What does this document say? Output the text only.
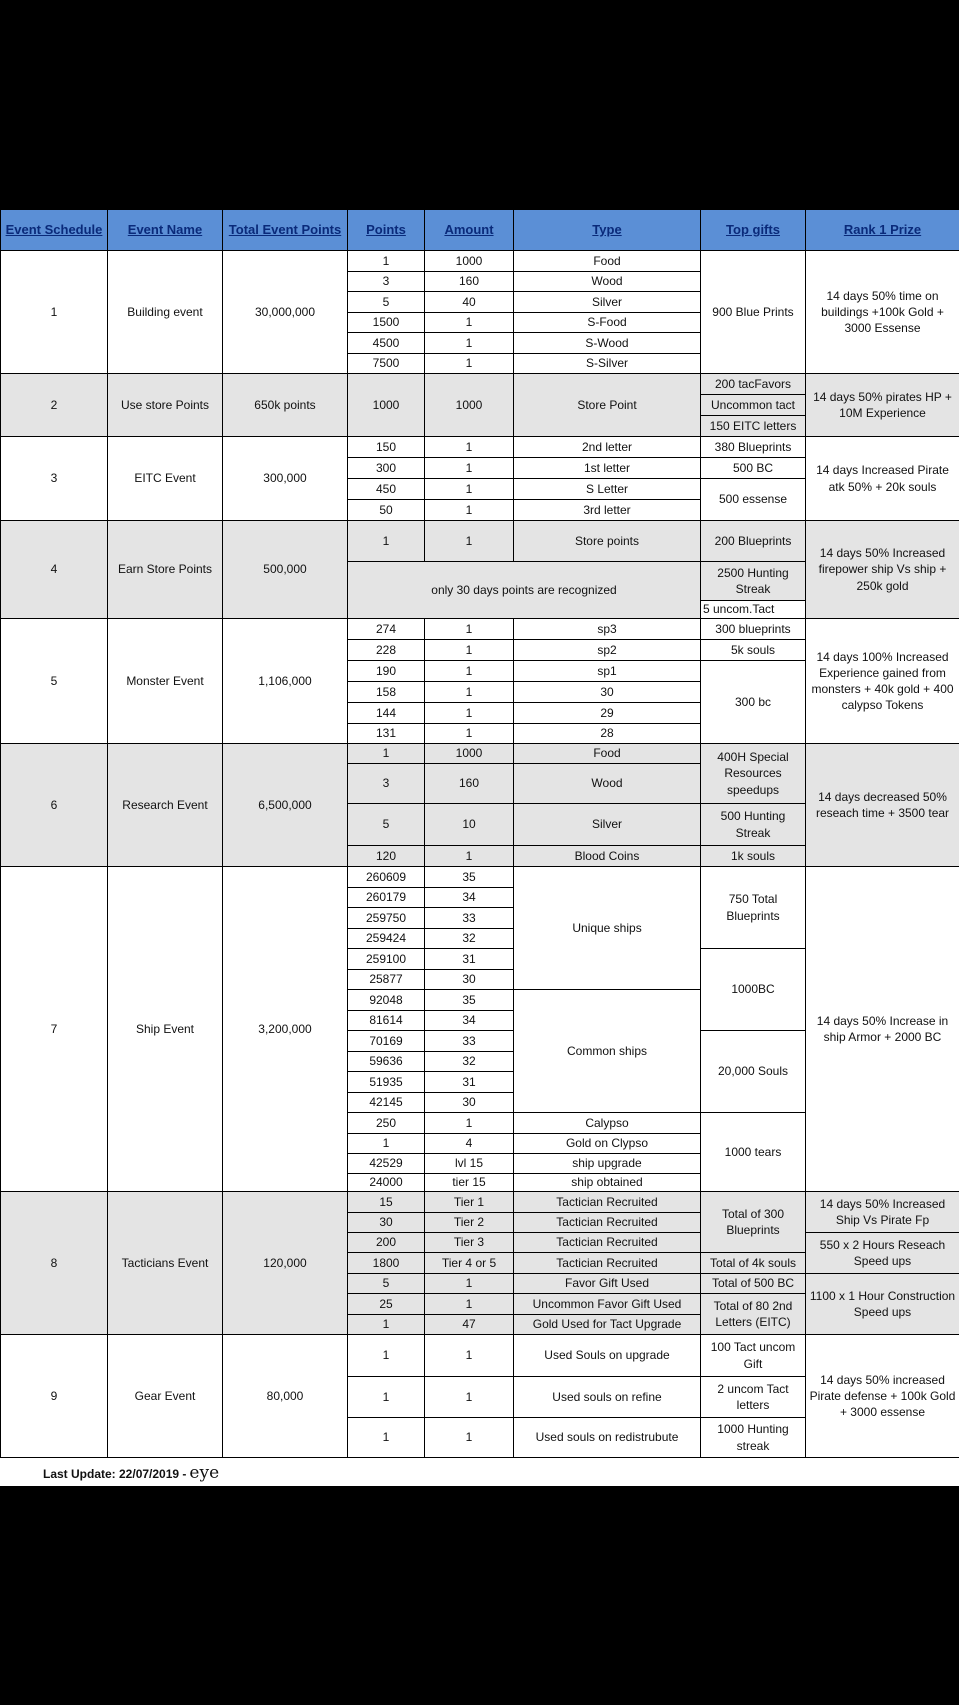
Event Schedule	Event Name	Total Event Points	Points	Amount	Type	Top gifts	Rank 1 Prize
1	Building event	30,000,000	1	1000	Food	900 Blue Prints	14 days 50% time on buildings +100k Gold + 3000 Essense
			3	160	Wood		
			5	40	Silver		
			1500	1	S-Food		
			4500	1	S-Wood		
			7500	1	S-Silver		
2	Use store Points	650k points	1000	1000	Store Point	200 tacFavors	14 days 50% pirates HP + 10M Experience
						Uncommon tact	
						150 EITC letters	
3	EITC Event	300,000	150	1	2nd letter	380 Blueprints	14 days Increased Pirate atk 50% + 20k souls
			300	1	1st letter	500 BC	
			450	1	S Letter	500 essense	
			50	1	3rd letter		
4	Earn Store Points	500,000	1	1	Store points	200 Blueprints	14 days 50% Increased firepower ship Vs ship + 250k gold
			only 30 days points are recognized			2500 Hunting Streak	

						5 uncom.Tact	
5	Monster Event	1,106,000	274	1	sp3	300 blueprints	14 days 100% Increased Experience gained from monsters + 40k gold + 400 calypso Tokens
			228	1	sp2	5k souls	
			190	1	sp1	300 bc	
			158	1	30		
			144	1	29		
			131	1	28		
6	Research Event	6,500,000	1	1000	Food	400H Special Resources speedups	14 days decreased 50% reseach time + 3500 tear
			3	160	Wood		
			5	10	Silver	500 Hunting Streak	
			120	1	Blood Coins	1k souls	
7	Ship Event	3,200,000	260609	35	Unique ships	750 Total Blueprints	14 days 50% Increase in ship Armor + 2000 BC
			260179	34			
			259750	33			
			259424	32			
			259100	31		1000BC	
			25877	30			
			92048	35	Common ships		
			81614	34			
			70169	33		20,000 Souls	
			59636	32			
			51935	31			
			42145	30			
			250	1	Calypso	1000 tears	
			1	4	Gold on Clypso		
			42529	lvl 15	ship upgrade		
			24000	tier 15	ship obtained		
8	Tacticians Event	120,000	15	Tier 1	Tactician Recruited	Total of 300 Blueprints	14 days 50% Increased Ship Vs Pirate Fp
			30	Tier 2	Tactician Recruited		
			200	Tier 3	Tactician Recruited		550 x 2 Hours Reseach Speed ups
			1800	Tier 4 or 5	Tactician Recruited	Total of 4k souls	
			5	1	Favor Gift Used	Total of 500 BC	1100 x 1 Hour Construction Speed ups
			25	1	Uncommon Favor Gift Used	Total of 80 2nd Letters (EITC)	
			1	47	Gold Used for Tact Upgrade		
9	Gear Event	80,000	1	1	Used Souls on upgrade	100 Tact uncom Gift	14 days 50% increased Pirate defense + 100k Gold + 3000 essense
			1	1	Used souls on refine	2 uncom Tact letters	
			1	1	Used souls on redistrubute	1000 Hunting streak	
Last Update: 22/07/2019 - eye
